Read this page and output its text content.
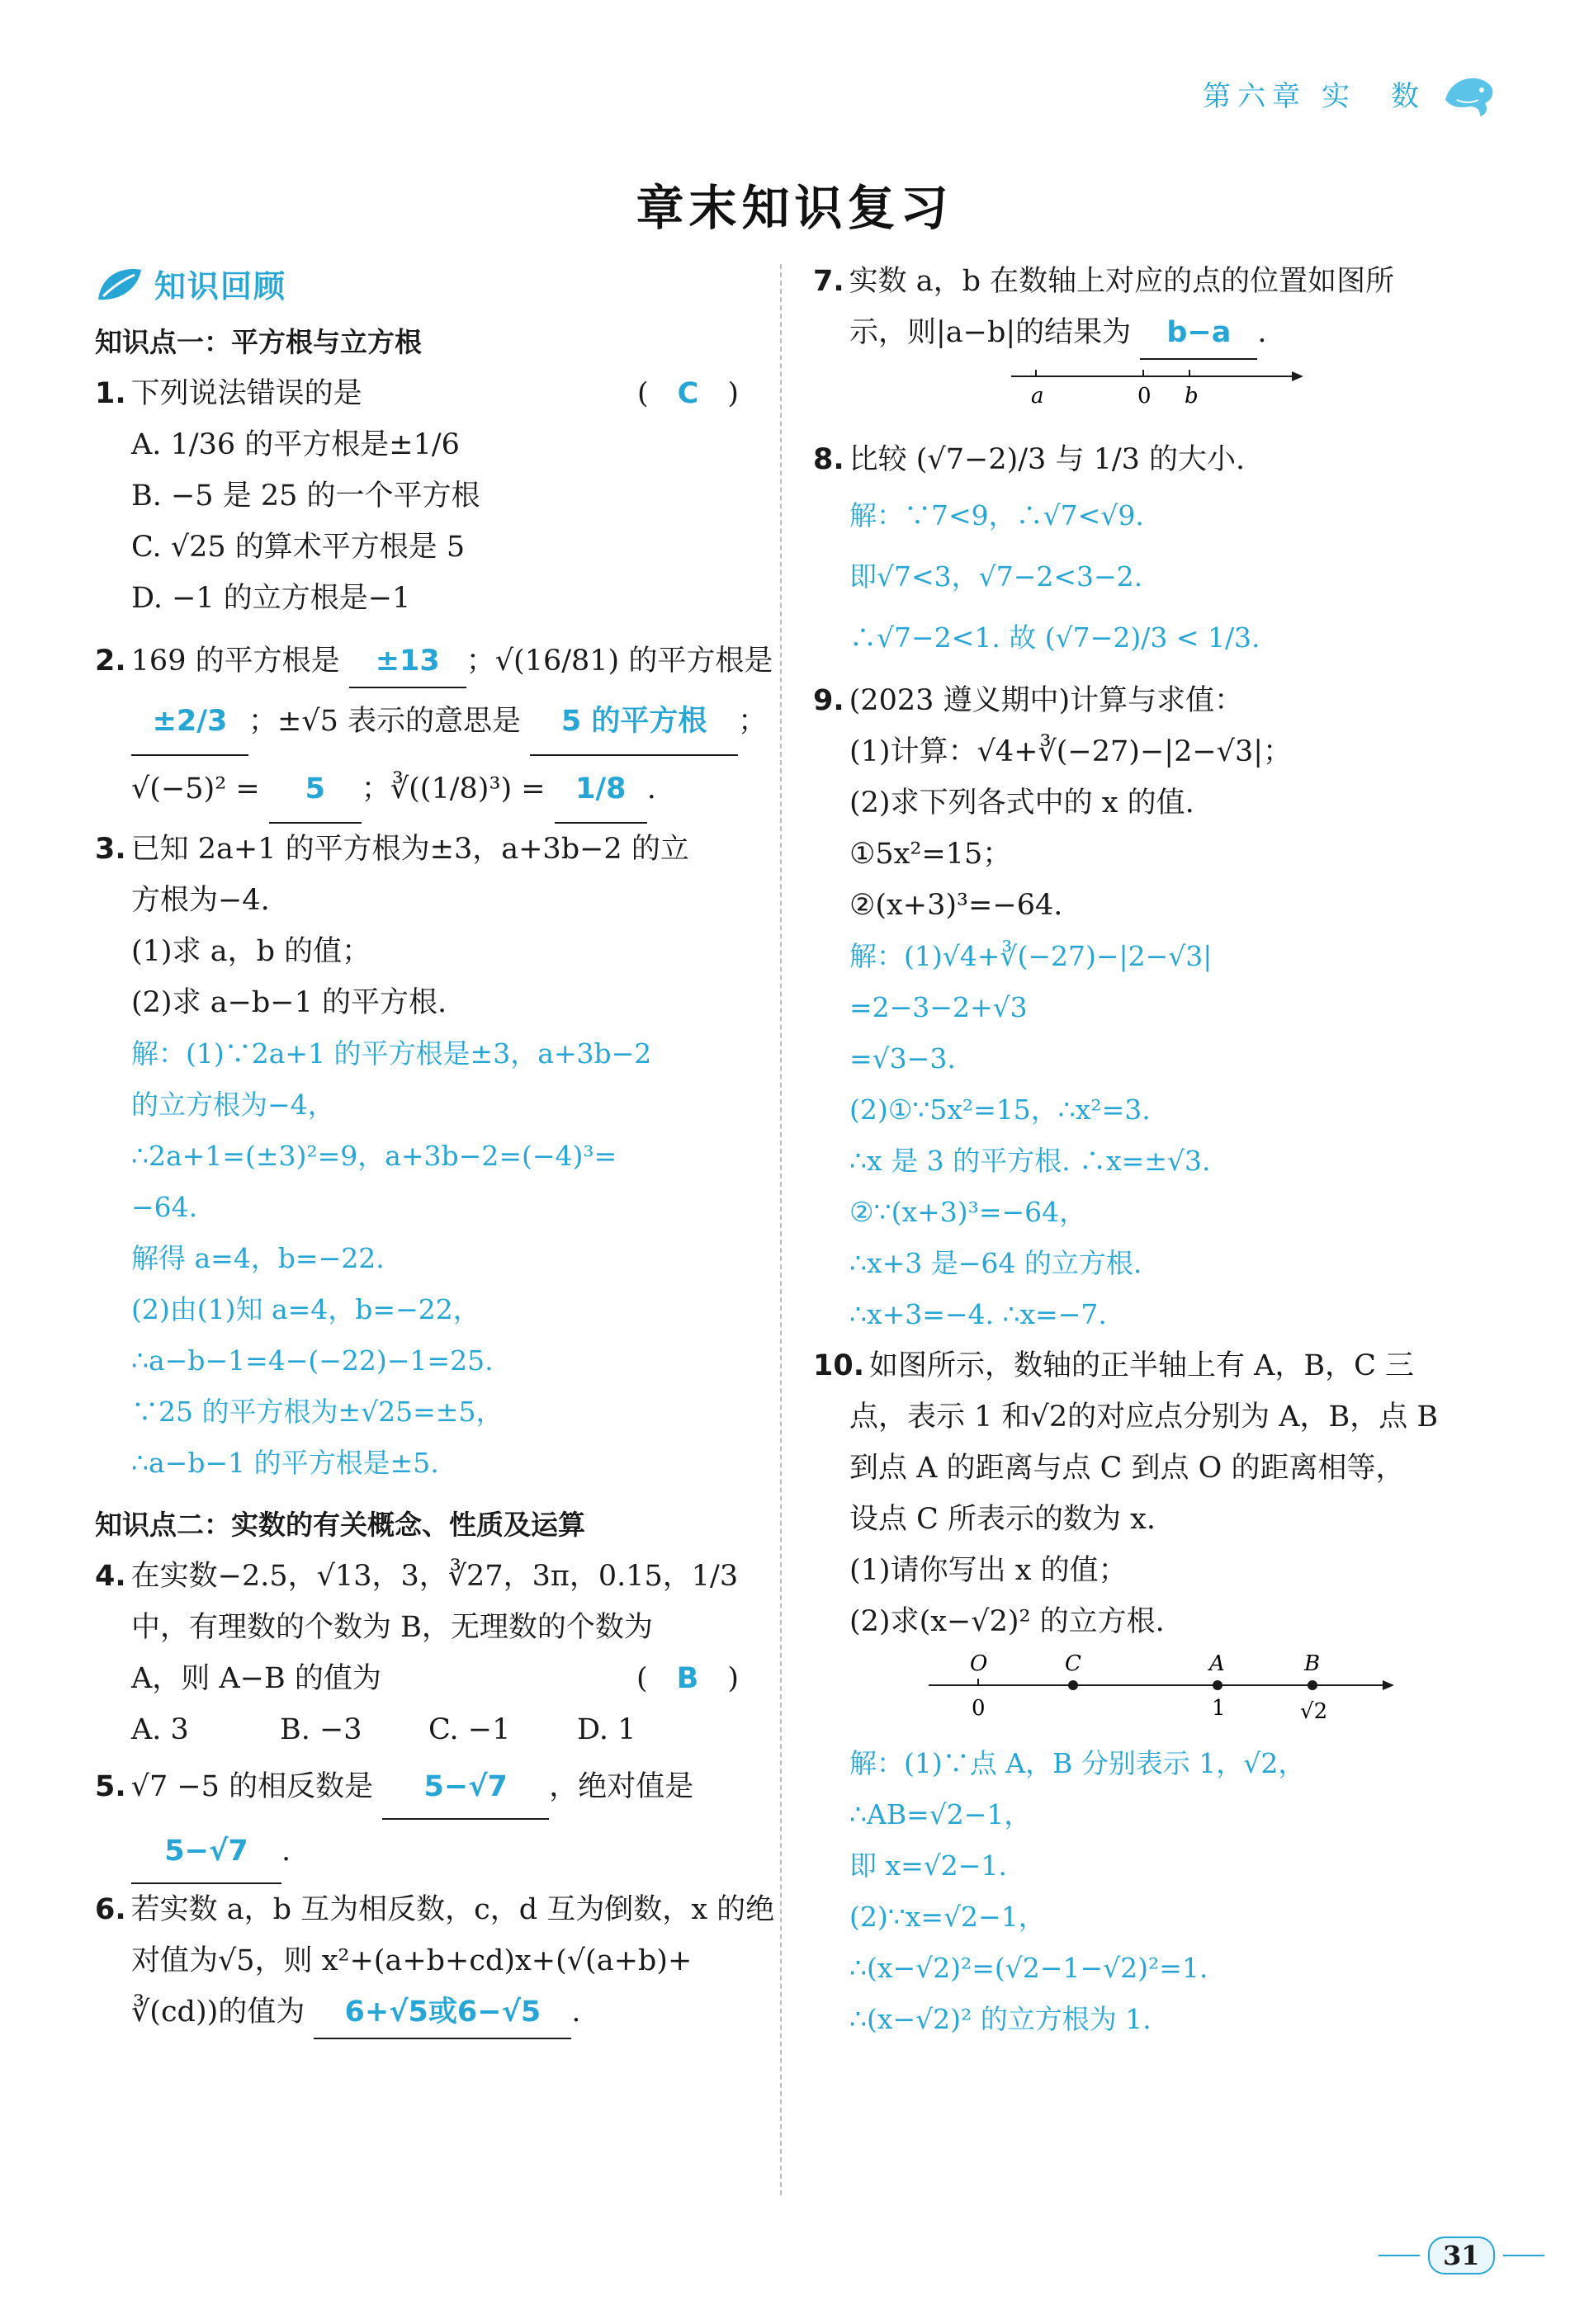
第六章 实　数
章末知识复习
知识回顾
知识点一：平方根与立方根
1. 下列说法错误的是	(　C　)
A. 1/36 的平方根是±1/6
B. −5 是 25 的一个平方根
C. √25 的算术平方根是 5
D. −1 的立方根是−1
2. 169 的平方根是 ±13 ；√(16/81) 的平方根是
±2/3 ；±√5 表示的意思是 5 的平方根 ；
√(−5)² = 5 ；∛((1/8)³) = 1/8 .
3. 已知 2a+1 的平方根为±3，a+3b−2 的立
方根为−4.
(1)求 a，b 的值；
(2)求 a−b−1 的平方根.
解：(1)∵2a+1 的平方根是±3，a+3b−2
的立方根为−4，
∴2a+1=(±3)²=9，a+3b−2=(−4)³=
−64.
解得 a=4，b=−22.
(2)由(1)知 a=4，b=−22，
∴a−b−1=4−(−22)−1=25.
∵25 的平方根为±√25=±5，
∴a−b−1 的平方根是±5.
知识点二：实数的有关概念、性质及运算
4. 在实数−2.5，√13，3，∛27，3π，0.15，1/3
中，有理数的个数为 B，无理数的个数为
A，则 A−B 的值为	(　B　)
A. 3	B. −3 C. −1 D. 1
5. √7 −5 的相反数是 5−√7 ，绝对值是
5−√7 .
6. 若实数 a，b 互为相反数，c，d 互为倒数，x 的绝
对值为√5，则 x²+(a+b+cd)x+(√(a+b)+
∛(cd))的值为 6+√5或6−√5 .
7. 实数 a，b 在数轴上对应的点的位置如图所
示，则|a−b|的结果为 b−a .
a	0 b
8. 比较 (√7−2)/3 与 1/3 的大小.
解：∵7<9，∴√7<√9.
即√7<3，√7−2<3−2.
∴√7−2<1. 故 (√7−2)/3 < 1/3.
9. (2023 遵义期中)计算与求值：
(1)计算：√4+∛(−27)−|2−√3|；
(2)求下列各式中的 x 的值.
①5x²=15；
②(x+3)³=−64.
解：(1)√4+∛(−27)−|2−√3|
=2−3−2+√3
=√3−3.
(2)①∵5x²=15，∴x²=3.
∴x 是 3 的平方根. ∴x=±√3.
②∵(x+3)³=−64，
∴x+3 是−64 的立方根.
∴x+3=−4. ∴x=−7.
10. 如图所示，数轴的正半轴上有 A，B，C 三
点，表示 1 和√2的对应点分别为 A，B，点 B
到点 A 的距离与点 C 到点 O 的距离相等，
设点 C 所表示的数为 x.
(1)请你写出 x 的值；
(2)求(x−√2)² 的立方根.
O	C	A	B
0	1	√2
解：(1)∵点 A，B 分别表示 1，√2，
∴AB=√2−1，
即 x=√2−1.
(2)∵x=√2−1，
∴(x−√2)²=(√2−1−√2)²=1.
∴(x−√2)² 的立方根为 1.
31
